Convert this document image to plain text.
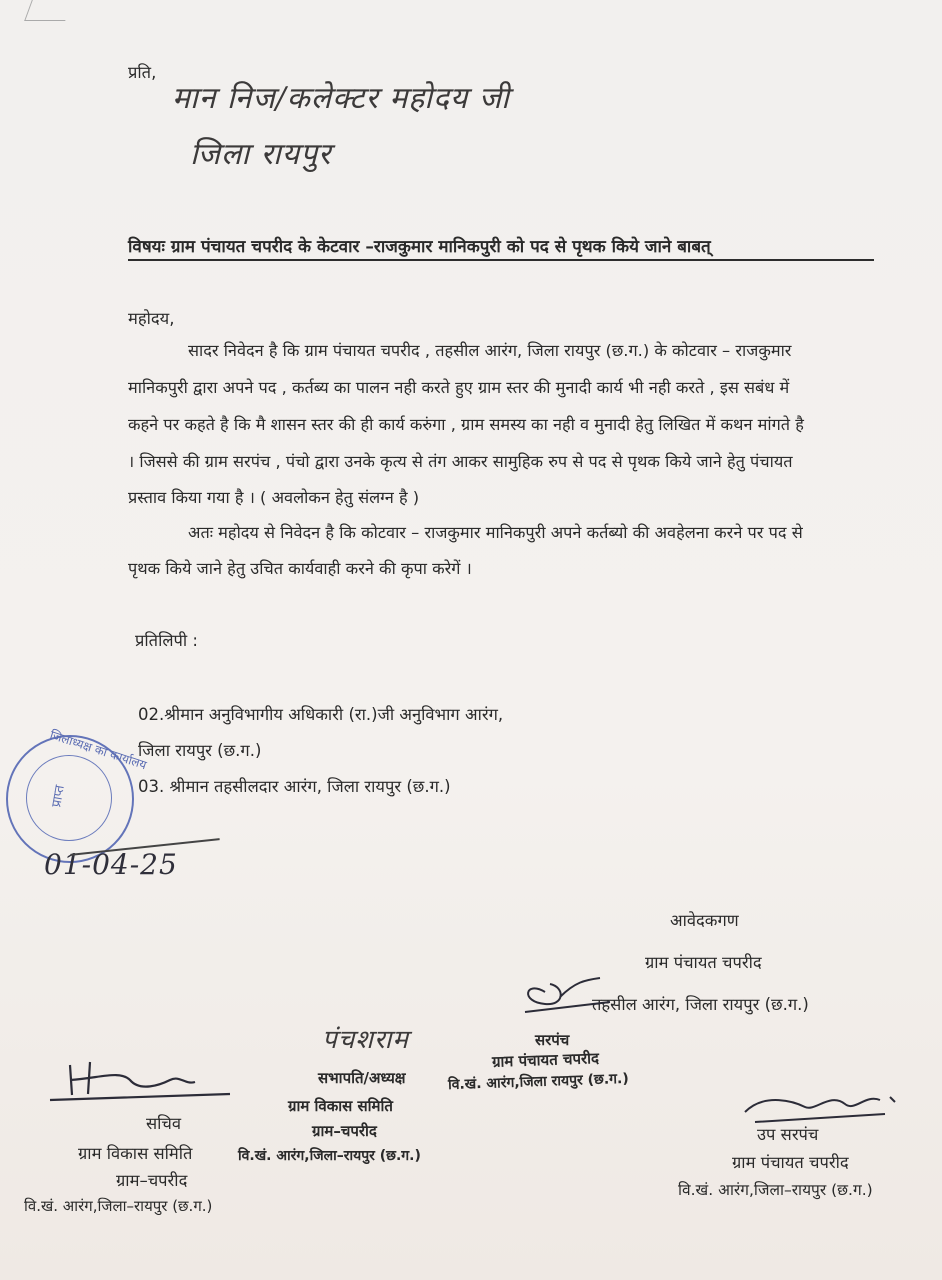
प्रति,
मान निज/कलेक्टर महोदय जी
जिला रायपुर
विषयः ग्राम पंचायत चपरीद के केटवार –राजकुमार मानिकपुरी को पद से पृथक किये जाने बाबत्
महोदय,
सादर निवेदन है कि ग्राम पंचायत चपरीद , तहसील आरंग, जिला रायपुर (छ.ग.) के कोटवार – राजकुमार
मानिकपुरी द्वारा अपने पद , कर्तब्य का पालन नही करते हुए ग्राम स्तर की मुनादी कार्य भी नही करते , इस सबंध में
कहने पर कहते है कि मै शासन स्तर की ही कार्य करुंगा , ग्राम समस्य का नही व मुनादी हेतु लिखित में कथन मांगते है
। जिससे की ग्राम सरपंच , पंचो द्वारा उनके कृत्य से तंग आकर सामुहिक रुप से पद से पृथक किये जाने हेतु पंचायत
प्रस्ताव किया गया है । ( अवलोकन हेतु संलग्न है )
अतः महोदय से निवेदन है कि कोटवार – राजकुमार मानिकपुरी अपने कर्तब्यो की अवहेलना करने पर पद से
पृथक किये जाने हेतु उचित कार्यवाही करने की कृपा करेगें ।
प्रतिलिपी :
02.श्रीमान अनुविभागीय अधिकारी (रा.)जी अनुविभाग आरंग,
जिला रायपुर (छ.ग.)
03. श्रीमान तहसीलदार आरंग, जिला रायपुर (छ.ग.)
जिलाध्यक्ष का कार्यालय
प्राप्त
01-04-25
आवेदकगण
ग्राम पंचायत चपरीद
तहसील आरंग, जिला रायपुर (छ.ग.)
सरपंच
ग्राम पंचायत चपरीद
वि.खं. आरंग,जिला रायपुर (छ.ग.)
पंचशराम
सभापति/अध्यक्ष
ग्राम विकास समिति
ग्राम–चपरीद
वि.खं. आरंग,जिला–रायपुर (छ.ग.)
सचिव
ग्राम विकास समिति
ग्राम–चपरीद
वि.खं. आरंग,जिला–रायपुर (छ.ग.)
उप सरपंच
ग्राम पंचायत चपरीद
वि.खं. आरंग,जिला–रायपुर (छ.ग.)
